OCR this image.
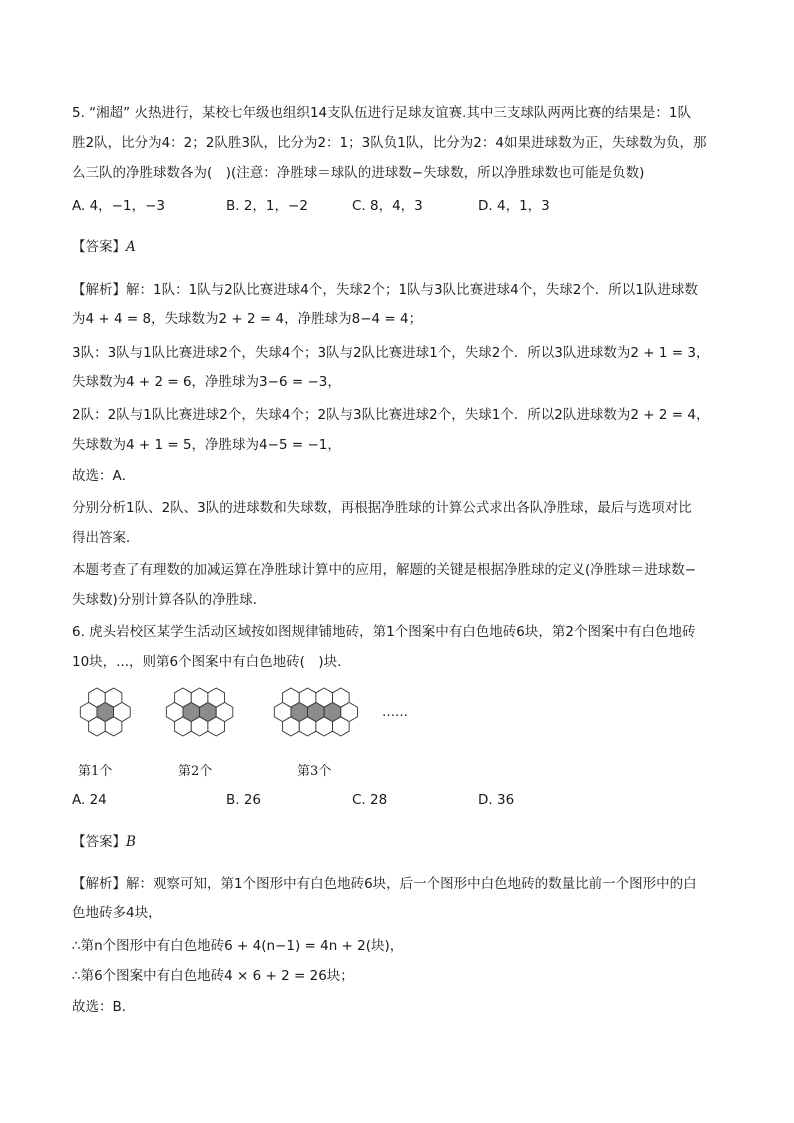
5. “湘超” 火热进行，某校七年级也组织14支队伍进行足球友谊赛.其中三支球队两两比赛的结果是：1队
胜2队，比分为4：2；2队胜3队，比分为2：1；3队负1队，比分为2：4如果进球数为正，失球数为负，那
么三队的净胜球数各为(　)(注意：净胜球＝球队的进球数−失球数，所以净胜球数也可能是负数)
A. 4，−1，−3	B. 2，1，−2	C. 8，4，3	D. 4，1，3
【答案】A
【解析】解：1队：1队与2队比赛进球4个，失球2个；1队与3队比赛进球4个，失球2个．所以1队进球数
为4 + 4 = 8，失球数为2 + 2 = 4，净胜球为8−4 = 4；
3队：3队与1队比赛进球2个，失球4个；3队与2队比赛进球1个，失球2个．所以3队进球数为2 + 1 = 3，
失球数为4 + 2 = 6，净胜球为3−6 = −3，
2队：2队与1队比赛进球2个，失球4个；2队与3队比赛进球2个，失球1个．所以2队进球数为2 + 2 = 4，
失球数为4 + 1 = 5，净胜球为4−5 = −1，
故选：A．
分别分析1队、2队、3队的进球数和失球数，再根据净胜球的计算公式求出各队净胜球，最后与选项对比
得出答案．
本题考查了有理数的加减运算在净胜球计算中的应用，解题的关键是根据净胜球的定义(净胜球＝进球数−
失球数)分别计算各队的净胜球．
6. 虎头岩校区某学生活动区域按如图规律铺地砖，第1个图案中有白色地砖6块，第2个图案中有白色地砖
10块，...，则第6个图案中有白色地砖(　)块．
……
第1个	第2个	第3个
A. 24	B. 26	C. 28	D. 36
【答案】B
【解析】解：观察可知，第1个图形中有白色地砖6块，后一个图形中白色地砖的数量比前一个图形中的白
色地砖多4块，
∴第n个图形中有白色地砖6 + 4(n−1) = 4n + 2(块)，
∴第6个图案中有白色地砖4 × 6 + 2 = 26块；
故选：B．
